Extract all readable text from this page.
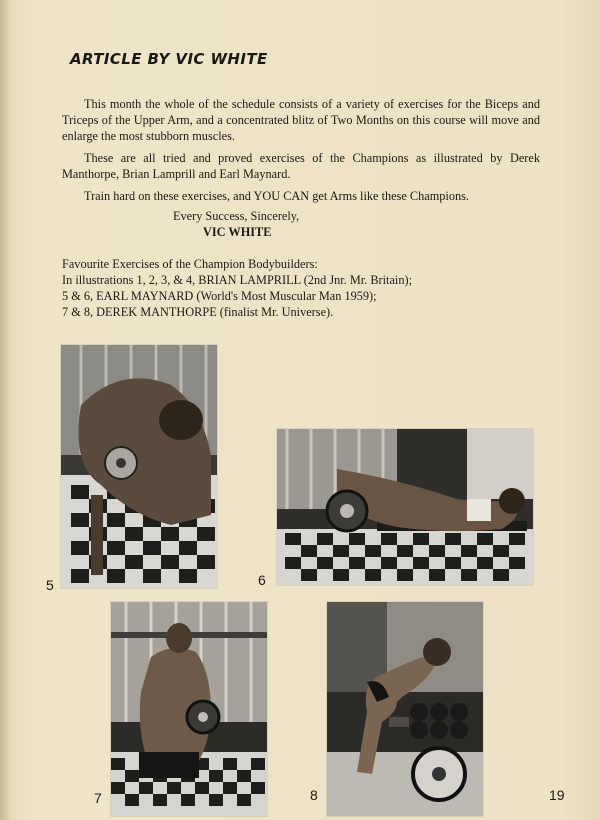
ARTICLE BY VIC WHITE

This month the whole of the schedule consists of a variety of exercises for the Biceps and Triceps of the Upper Arm, and a concentrated blitz of Two Months on this course will move and enlarge the most stubborn muscles.

These are all tried and proved exercises of the Champions as illustrated by Derek Manthorpe, Brian Lamprill and Earl Maynard.

Train hard on these exercises, and YOU CAN get Arms like these Champions.

Every Success, Sincerely,
VIC WHITE
Favourite Exercises of the Champion Bodybuilders:
In illustrations 1, 2, 3, & 4, BRIAN LAMPRILL (2nd Jnr. Mr. Britain);
5 & 6, EARL MAYNARD (World's Most Muscular Man 1959);
7 & 8, DEREK MANTHORPE (finalist Mr. Universe).
5	6
7	8	19
